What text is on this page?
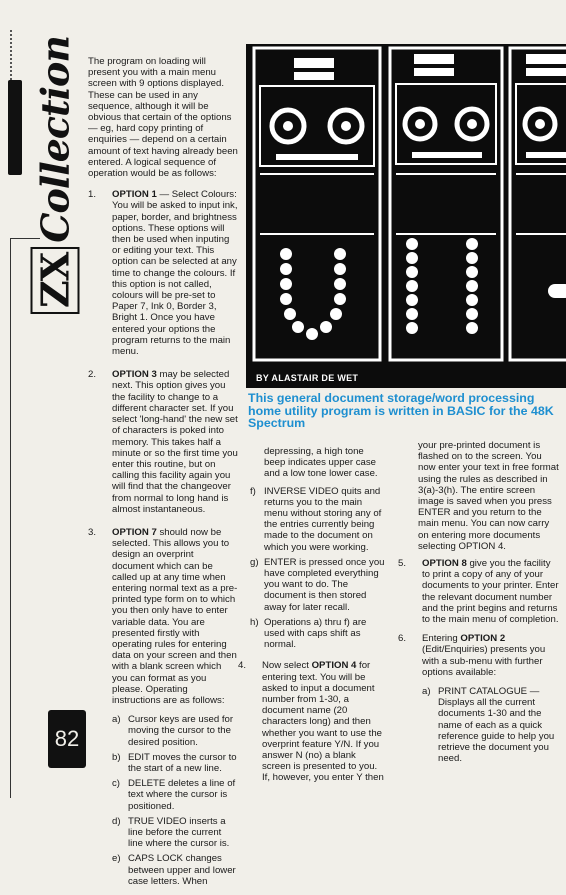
ZXCollection
82

The program on loading will present you with a main menu screen with 9 options displayed. These can be used in any sequence, although it will be obvious that certain of the options — eg, hard copy printing of enquiries — depend on a certain amount of text having already been entered. A logical sequence of operation would be as follows:

1. OPTION 1 — Select Colours: You will be asked to input ink, paper, border, and brightness options. These options will then be used when inputing or editing your text. This option can be selected at any time to change the colours. If this option is not called, colours will be pre-set to Paper 7, Ink 0, Border 3, Bright 1. Once you have entered your options the program returns to the main menu.
2. OPTION 3 may be selected next. This option gives you the facility to change to a different character set. If you select 'long-hand' the new set of characters is poked into memory. This takes half a minute or so the first time you enter this routine, but on calling this facility again you will find that the changeover from normal to long hand is almost instantaneous.
3. OPTION 7 should now be selected. This allows you to design an overprint document which can be called up at any time when entering normal text as a pre-printed type form on to which you then only have to enter variable data. You are presented firstly with operating rules for entering data on your screen and then with a blank screen which you can format as you please. Operating instructions are as follows:
a) Cursor keys are used for moving the cursor to the desired position.
b) EDIT moves the cursor to the start of a new line.
c) DELETE deletes a line of text where the cursor is positioned.
d) TRUE VIDEO inserts a line before the current line where the cursor is.
e) CAPS LOCK changes between upper and lower case letters. When
BY ALASTAIR DE WET
This general document storage/word processing home utility program is written in BASIC for the 48K Spectrum

depressing, a high tone beep indicates upper case and a low tone lower case.

f) INVERSE VIDEO quits and returns you to the main menu without storing any of the entries currently being made to the document on which you were working.
g) ENTER is pressed once you have completed everything you want to do. The document is then stored away for later recall.
h) Operations a) thru f) are used with caps shift as normal.
4. Now select OPTION 4 for entering text. You will be asked to input a document number from 1-30, a document name (20 characters long) and then whether you want to use the overprint feature Y/N. If you answer N (no) a blank screen is presented to you. If, however, you enter Y then

your pre-printed document is flashed on to the screen. You now enter your text in free format using the rules as described in 3(a)-3(h). The entire screen image is saved when you press ENTER and you return to the main menu. You can now carry on entering more documents selecting OPTION 4.

5. OPTION 8 give you the facility to print a copy of any of your documents to your printer. Enter the relevant document number and the print begins and returns to the main menu of completion.
6. Entering OPTION 2 (Edit/Enquiries) presents you with a sub-menu with further options available:
a) PRINT CATALOGUE — Displays all the current documents 1-30 and the name of each as a quick reference guide to help you retrieve the document you need.
